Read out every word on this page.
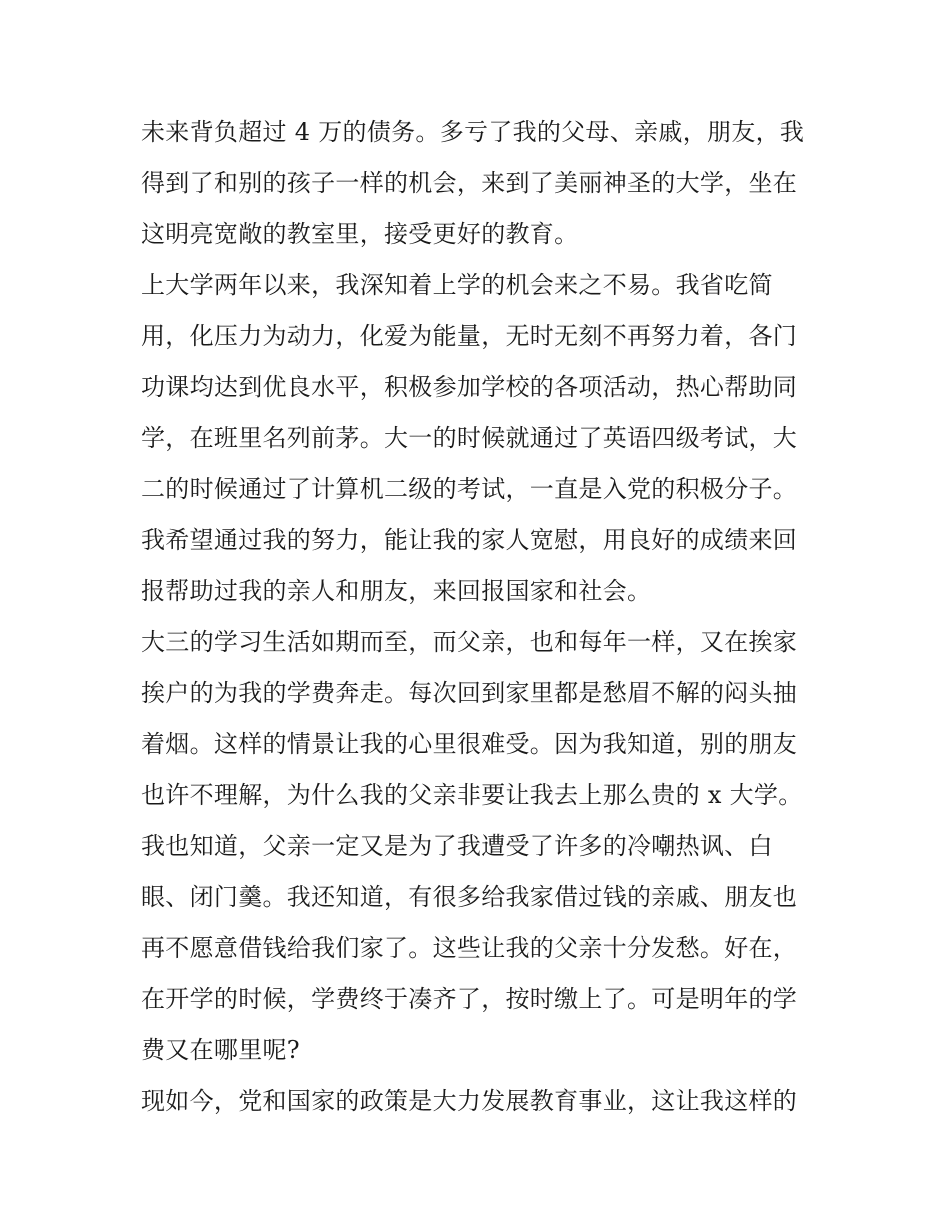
未来背负超过 4 万的债务。多亏了我的父母、亲戚，朋友，我
得到了和别的孩子一样的机会，来到了美丽神圣的大学，坐在
这明亮宽敞的教室里，接受更好的教育。
上大学两年以来，我深知着上学的机会来之不易。我省吃简
用，化压力为动力，化爱为能量，无时无刻不再努力着，各门
功课均达到优良水平，积极参加学校的各项活动，热心帮助同
学，在班里名列前茅。大一的时候就通过了英语四级考试，大
二的时候通过了计算机二级的考试，一直是入党的积极分子。
我希望通过我的努力，能让我的家人宽慰，用良好的成绩来回
报帮助过我的亲人和朋友，来回报国家和社会。
大三的学习生活如期而至，而父亲，也和每年一样，又在挨家
挨户的为我的学费奔走。每次回到家里都是愁眉不解的闷头抽
着烟。这样的情景让我的心里很难受。因为我知道，别的朋友
也许不理解，为什么我的父亲非要让我去上那么贵的 x 大学。
我也知道，父亲一定又是为了我遭受了许多的冷嘲热讽、白
眼、闭门羹。我还知道，有很多给我家借过钱的亲戚、朋友也
再不愿意借钱给我们家了。这些让我的父亲十分发愁。好在，
在开学的时候，学费终于凑齐了，按时缴上了。可是明年的学
费又在哪里呢?
现如今，党和国家的政策是大力发展教育事业，这让我这样的
